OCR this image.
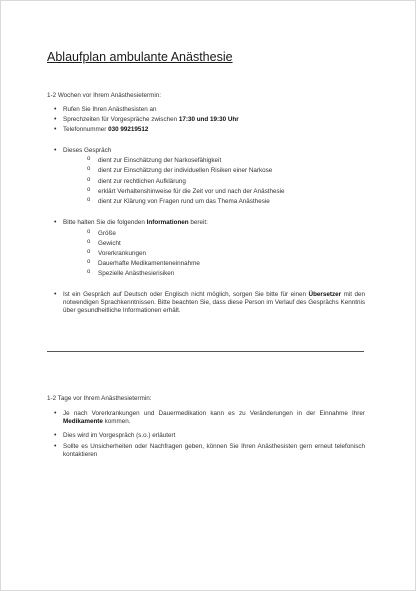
Ablaufplan ambulante Anästhesie
1-2 Wochen vor Ihrem Anästhesietermin:
• Rufen Sie Ihren Anästhesisten an
• Sprechzeiten für Vorgespräche zwischen 17:30 und 19:30 Uhr
• Telefonnummer 030 99219512
• Dieses Gespräch
o dient zur Einschätzung der Narkosefähigkeit
o dient zur Einschätzung der individuellen Risiken einer Narkose
o dient zur rechtlichen Aufklärung
o erklärt Verhaltenshinweise für die Zeit vor und nach der Anästhesie
o dient zur Klärung von Fragen rund um das Thema Anästhesie
• Bitte halten Sie die folgenden Informationen bereit:
o Größe
o Gewicht
o Vorerkrankungen
o Dauerhafte Medikamenteneinnahme
o Spezielle Anästhesierisiken
• Ist ein Gespräch auf Deutsch oder Englisch nicht möglich, sorgen Sie bitte für einen Übersetzer mit den notwendigen Sprachkenntnissen. Bitte beachten Sie, dass diese Person im Verlauf des Gesprächs Kenntnis über gesundheitliche Informationen erhält.
1-2 Tage vor Ihrem Anästhesietermin:
• Je nach Vorerkrankungen und Dauermedikation kann es zu Veränderungen in der Einnahme Ihrer Medikamente kommen.
• Dies wird im Vorgespräch (s.o.) erläutert
• Sollte es Unsicherheiten oder Nachfragen geben, können Sie Ihren Anästhesisten gern erneut telefonisch kontaktieren
